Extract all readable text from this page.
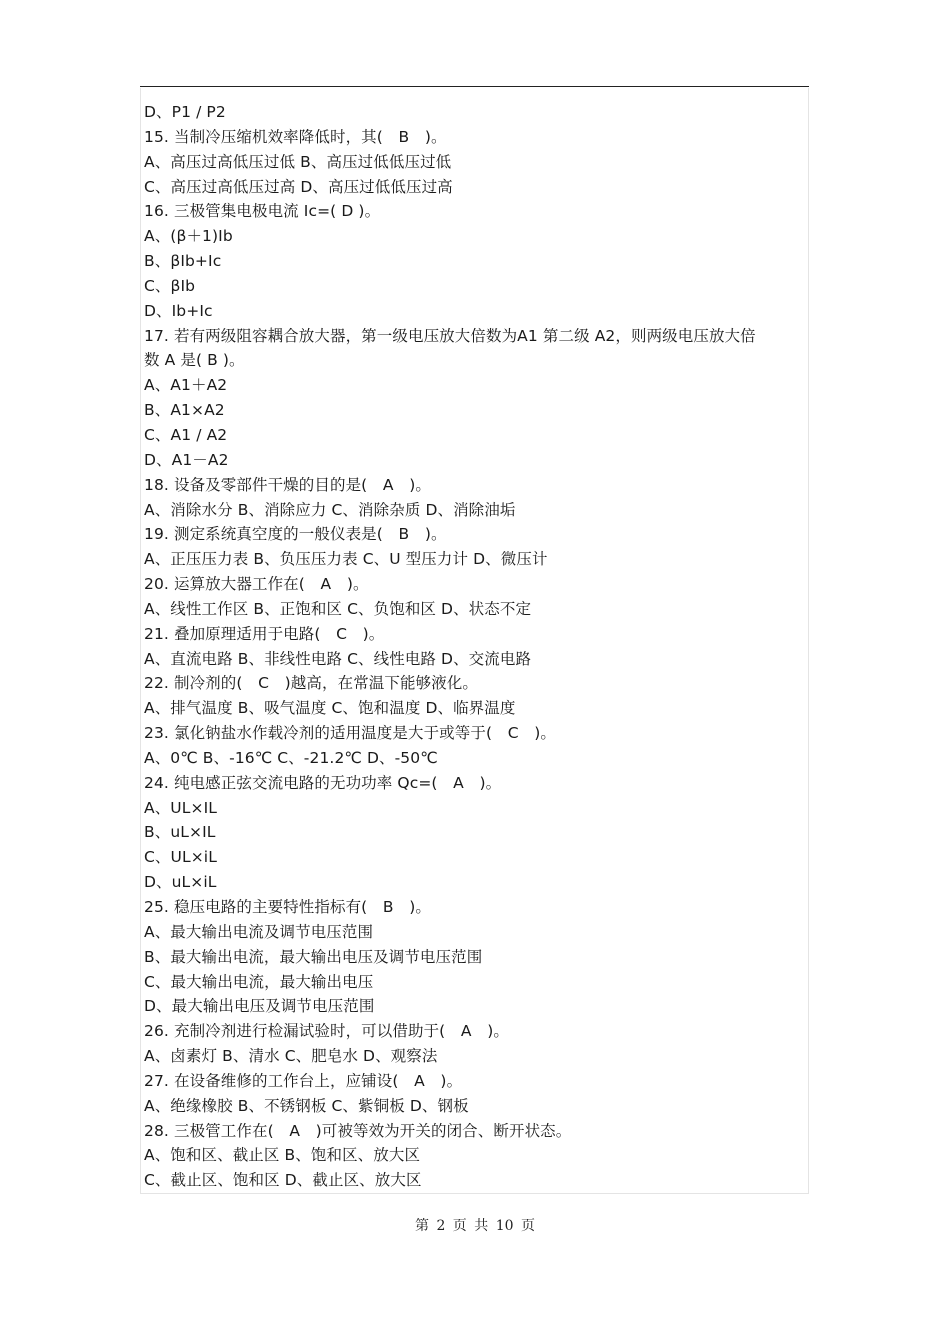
D、P1 / P2
15. 当制冷压缩机效率降低时，其(　B　)。
A、高压过高低压过低 B、高压过低低压过低
C、高压过高低压过高 D、高压过低低压过高
16. 三极管集电极电流 Ic=( D )。
A、(β＋1)Ib
B、βIb+Ic
C、βIb
D、Ib+Ic
17. 若有两级阻容耦合放大器，第一级电压放大倍数为A1 第二级 A2，则两级电压放大倍
数 A 是( B )。
A、A1＋A2
B、A1×A2
C、A1 / A2
D、A1－A2
18. 设备及零部件干燥的目的是(　A　)。
A、消除水分 B、消除应力 C、消除杂质 D、消除油垢
19. 测定系统真空度的一般仪表是(　B　)。
A、正压压力表 B、负压压力表 C、U 型压力计 D、微压计
20. 运算放大器工作在(　A　)。
A、线性工作区 B、正饱和区 C、负饱和区 D、状态不定
21. 叠加原理适用于电路(　C　)。
A、直流电路 B、非线性电路 C、线性电路 D、交流电路
22. 制冷剂的(　C　)越高，在常温下能够液化。
A、排气温度 B、吸气温度 C、饱和温度 D、临界温度
23. 氯化钠盐水作载冷剂的适用温度是大于或等于(　C　)。
A、0℃ B、-16℃ C、-21.2℃ D、-50℃
24. 纯电感正弦交流电路的无功功率 Qc=(　A　)。
A、UL×IL
B、uL×IL
C、UL×iL
D、uL×iL
25. 稳压电路的主要特性指标有(　B　)。
A、最大输出电流及调节电压范围
B、最大输出电流，最大输出电压及调节电压范围
C、最大输出电流，最大输出电压
D、最大输出电压及调节电压范围
26. 充制冷剂进行检漏试验时，可以借助于(　A　)。
A、卤素灯 B、清水 C、肥皂水 D、观察法
27. 在设备维修的工作台上，应铺设(　A　)。
A、绝缘橡胶 B、不锈钢板 C、紫铜板 D、钢板
28. 三极管工作在(　A　)可被等效为开关的闭合、断开状态。
A、饱和区、截止区 B、饱和区、放大区
C、截止区、饱和区 D、截止区、放大区
第 2 页 共 10 页
